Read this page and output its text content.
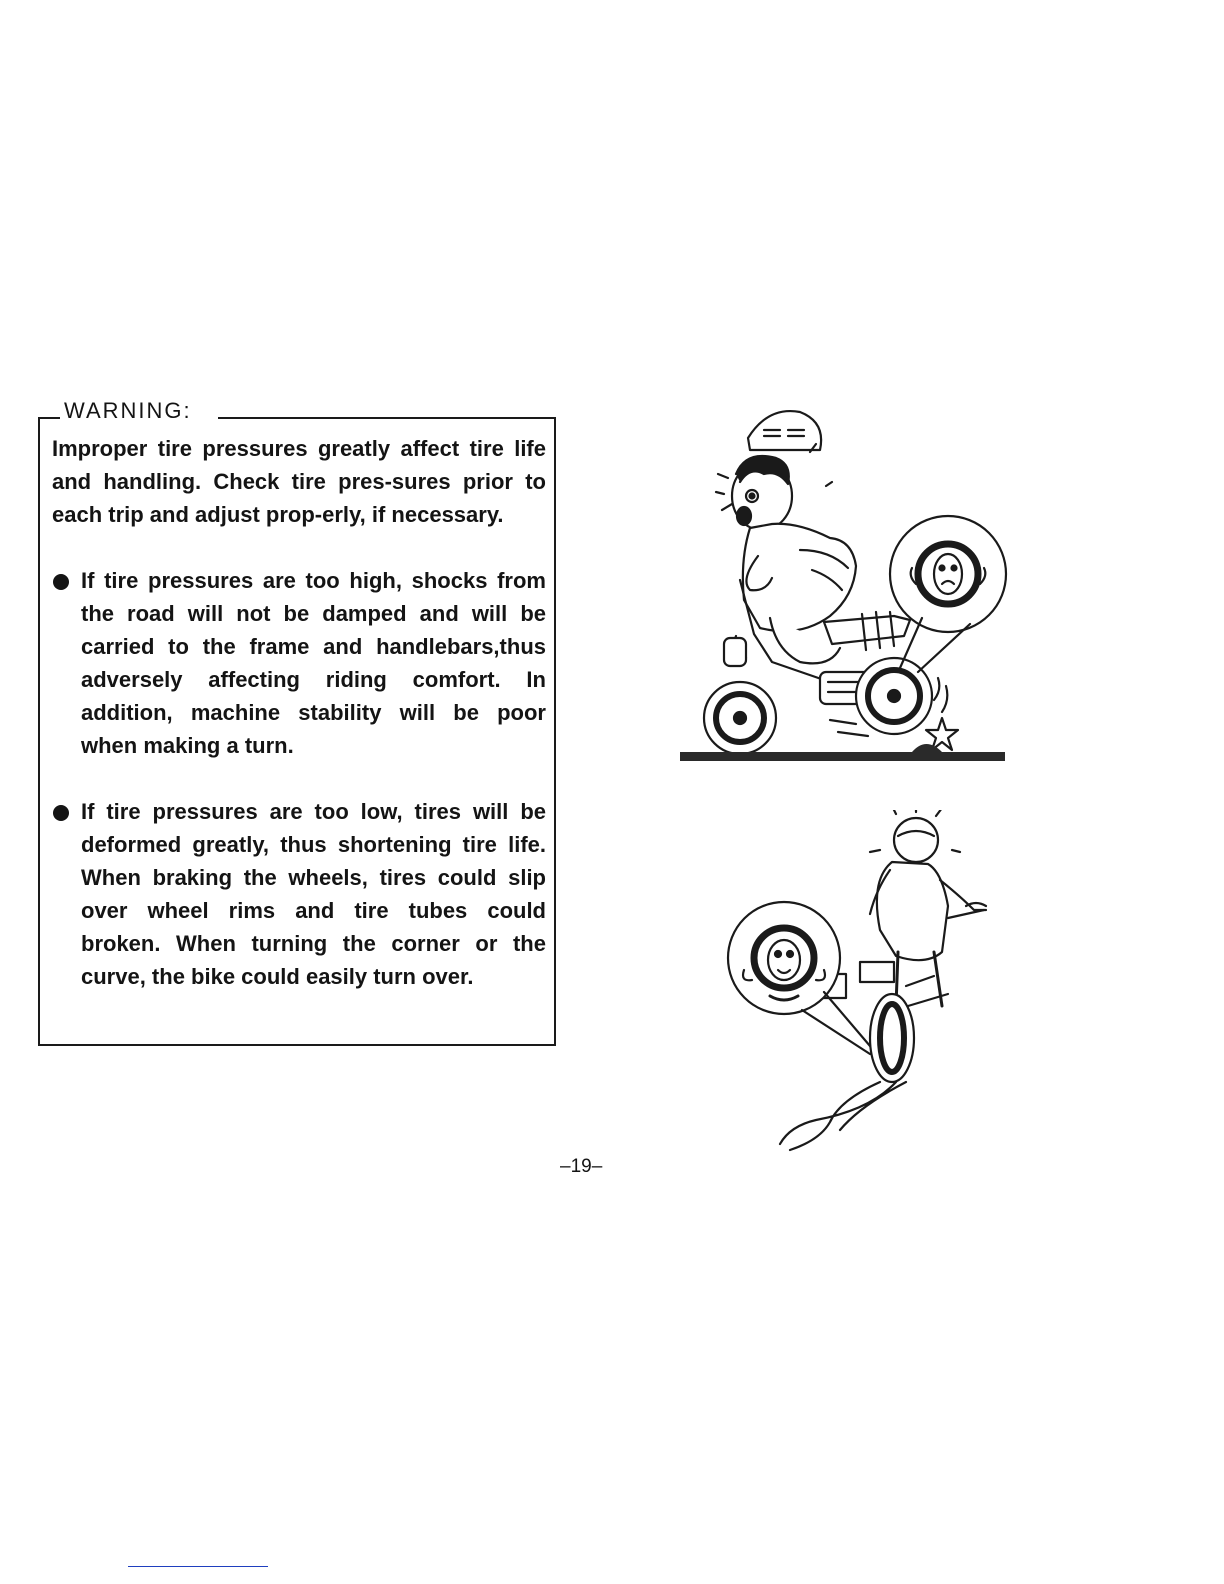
WARNING:
Improper tire pressures greatly affect tire life and handling. Check tire pres-sures prior to each trip and adjust prop-erly, if necessary.
If tire pressures are too high, shocks from the road will not be damped and will be carried to the frame and handlebars,thus adversely affecting riding comfort. In addition, machine stability will be poor when making a turn.
If tire pressures are too low, tires will be deformed greatly, thus shortening tire life. When braking the wheels, tires could slip over wheel rims and tire tubes could broken. When turning the corner or the curve, the bike could easily turn over.
–19–
